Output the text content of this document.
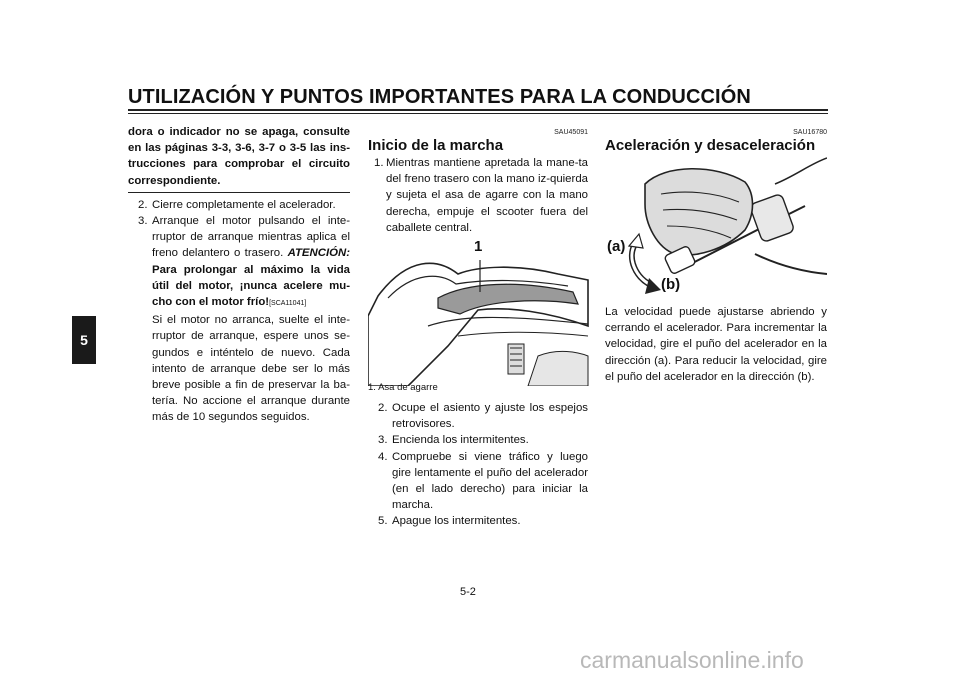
UTILIZACIÓN Y PUNTOS IMPORTANTES PARA LA CONDUCCIÓN
5

dora o indicador no se apaga, consulte en las páginas 3-3, 3-6, 3-7 o 3-5 las ins-trucciones para comprobar el circuito correspondiente.

2. Cierre completamente el acelerador.
3. Arranque el motor pulsando el inte-rruptor de arranque mientras aplica el freno delantero o trasero. ATENCIÓN: Para prolongar al máximo la vida útil del motor, ¡nunca acelere mu-cho con el motor frío![SCA11041]
Si el motor no arranca, suelte el inte-rruptor de arranque, espere unos se-gundos e inténtelo de nuevo. Cada intento de arranque debe ser lo más breve posible a fin de preservar la ba-tería. No accione el arranque durante más de 10 segundos seguidos.
SAU45091
Inicio de la marcha
1. Mientras mantiene apretada la mane-ta del freno trasero con la mano iz-quierda y sujeta el asa de agarre con la mano derecha, empuje el scooter fuera del caballete central.
1
1. Asa de agarre
2. Ocupe el asiento y ajuste los espejos retrovisores.
3. Encienda los intermitentes.
4. Compruebe si viene tráfico y luego gire lentamente el puño del acelerador (en el lado derecho) para iniciar la marcha.
5. Apague los intermitentes.
SAU16780
Aceleración y desaceleración
(a)
(b)
La velocidad puede ajustarse abriendo y cerrando el acelerador. Para incrementar la velocidad, gire el puño del acelerador en la dirección (a). Para reducir la velocidad, gire el puño del acelerador en la dirección (b).
5-2
carmanualsonline.info
